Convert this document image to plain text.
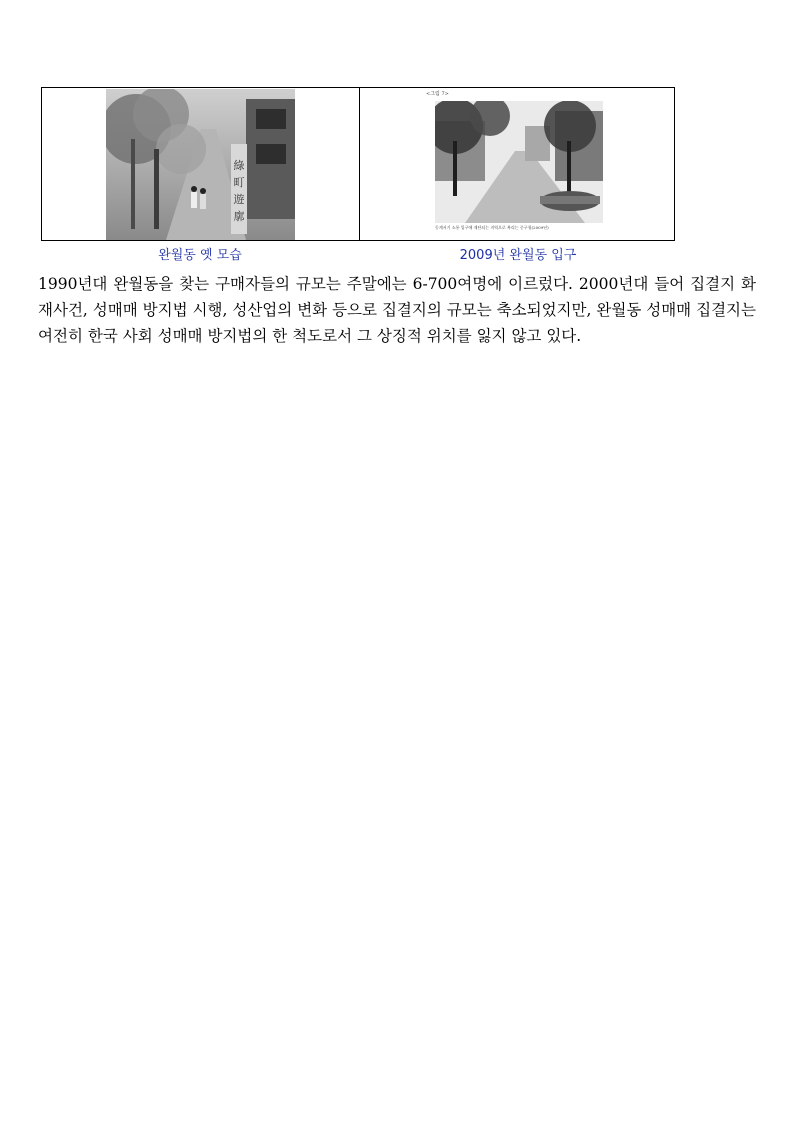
綠
町
遊
廓
<그림 7>
동계서기 소통 입구에 재단되는 지역으로 복리는 중구청(2009년)
완월동 옛 모습	2009년 완월동 입구
1990년대 완월동을 찾는 구매자들의 규모는 주말에는 6-700여명에 이르렀다. 2000년대 들어 집결지 화재사건, 성매매 방지법 시행, 성산업의 변화 등으로 집결지의 규모는 축소되었지만, 완월동 성매매 집결지는 여전히 한국 사회 성매매 방지법의 한 척도로서 그 상징적 위치를 잃지 않고 있다.
